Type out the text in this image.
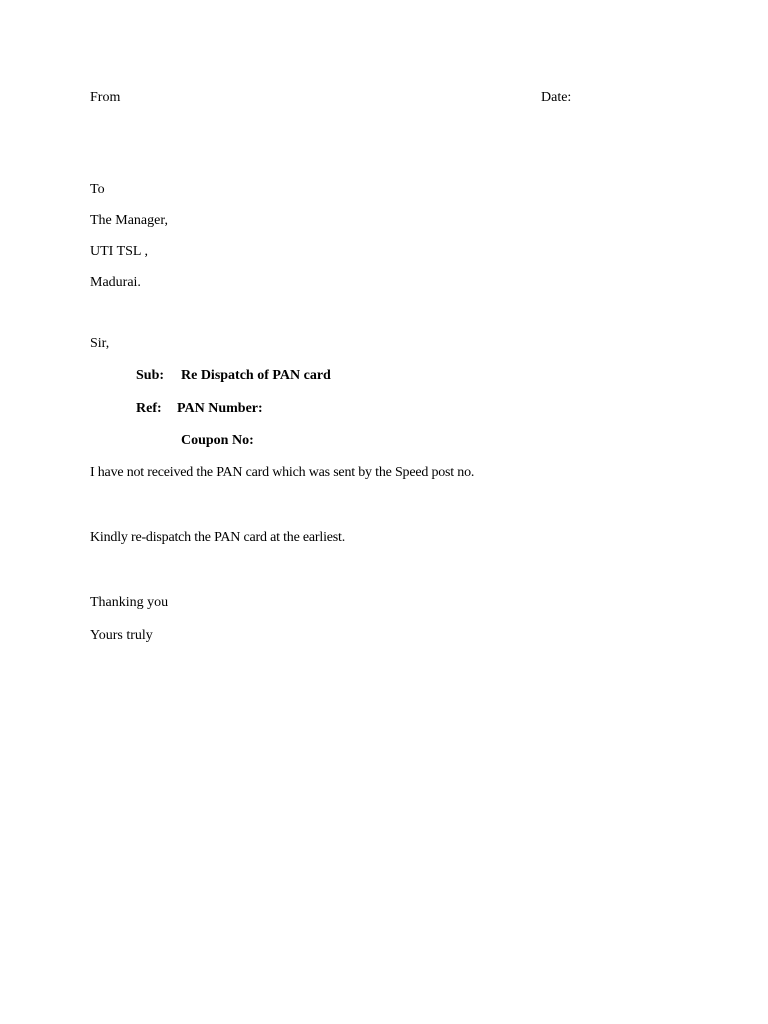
From	Date:
To
The Manager,
UTI TSL ,
Madurai.
Sir,
Sub: Re Dispatch of PAN card
Ref: PAN Number:
Coupon No:
I have not received the PAN card which was sent by the Speed post no.
Kindly re-dispatch the PAN card at the earliest.
Thanking you
Yours truly
